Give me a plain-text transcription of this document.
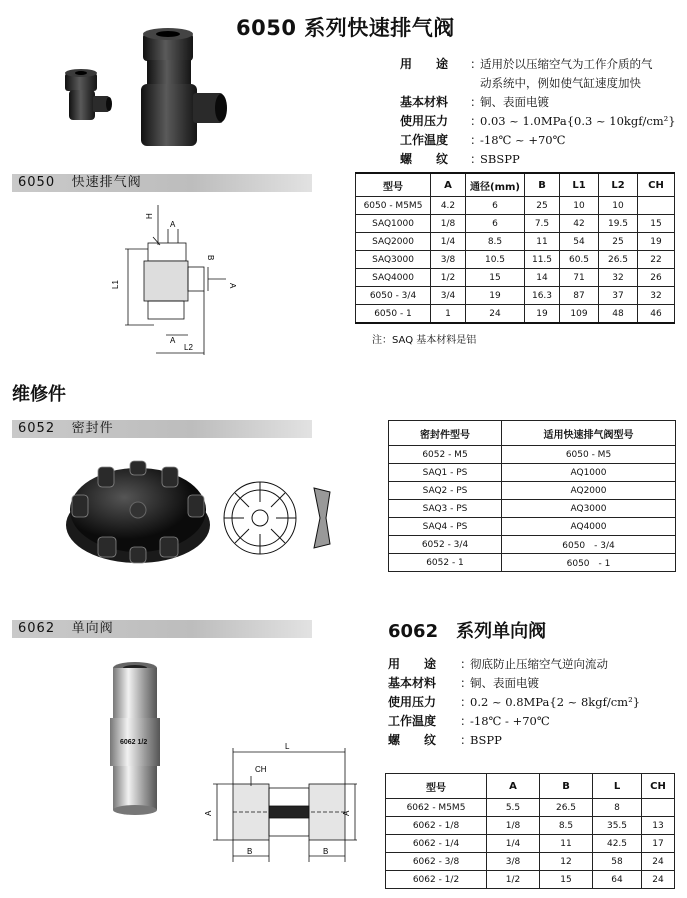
6050 系列快速排气阀
用　　途	：
适用於以压缩空气为工作介质的气
动系统中，例如使气缸速度加快
基本材料	：
铜、表面电镀
使用压力	：
0.03 ~ 1.0MPa{0.3 ~ 10kgf/cm²}
工作温度	：
-18℃ ~ +70℃
螺　　纹	：
SBSPP
6050 快速排气阀
H
A
B
L1	A
A
L2
型号	A	通径(mm)	B	L1	L2	CH
6050 - M5M5	4.2	6	25	10	10	
SAQ1000	1/8	6	7.5	42	19.5	15
SAQ2000	1/4	8.5	11	54	25	19
SAQ3000	3/8	10.5	11.5	60.5	26.5	22
SAQ4000	1/2	15	14	71	32	26
6050 - 3/4	3/4	19	16.3	87	37	32
6050 - 1	1	24	19	109	48	46
注：SAQ 基本材料是铝
维修件
6052 密封件	密封件型号	适用快速排气阀型号
6052 - M5	6050 - M5
SAQ1 - PS	AQ1000
SAQ2 - PS	AQ2000
SAQ3 - PS	AQ3000
SAQ4 - PS	AQ4000
6052 - 3/4	6050　- 3/4
6052 - 1	6050　- 1
6062 单向阀	6062　系列单向阀
用　　途	：
彻底防止压缩空气逆向流动
基本材料	：
铜、表面电镀
使用压力	：
0.2 ~ 0.8MPa{2 ~ 8kgf/cm²}
工作温度	：
-18℃ - +70℃
螺　　纹	：
BSPP
6062 1/2	L
CH
A	A
B	B
型号	A	B	L	CH
6062 - M5M5	5.5	26.5	8	
6062 - 1/8	1/8	8.5	35.5	13
6062 - 1/4	1/4	11	42.5	17
6062 - 3/8	3/8	12	58	24
6062 - 1/2	1/2	15	64	24
